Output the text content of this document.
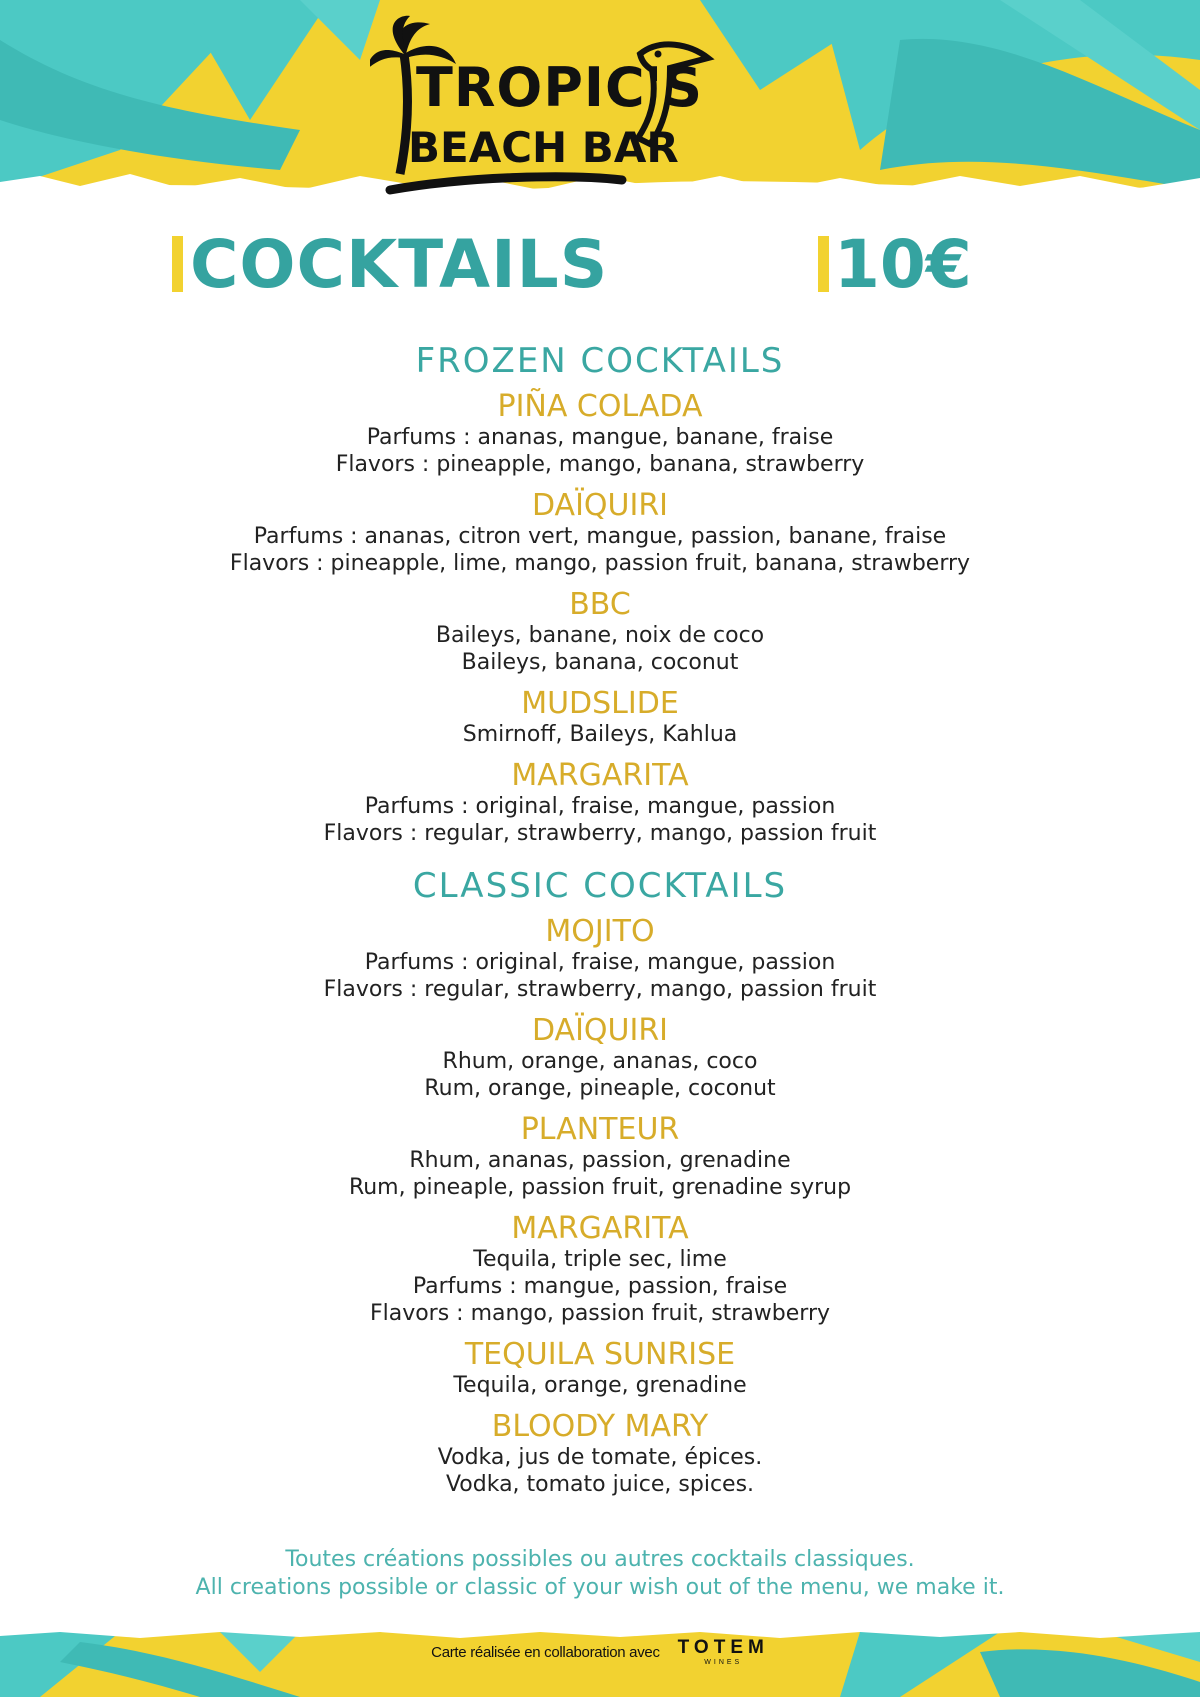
TROPIC'S
BEACH BAR
COCKTAILS	10€
FROZEN COCKTAILS
PIÑA COLADA
Parfums : ananas, mangue, banane, fraise
Flavors : pineapple, mango, banana, strawberry
DAÏQUIRI
Parfums : ananas, citron vert, mangue, passion, banane, fraise
Flavors : pineapple, lime, mango, passion fruit, banana, strawberry
BBC
Baileys, banane, noix de coco
Baileys, banana, coconut
MUDSLIDE
Smirnoff, Baileys, Kahlua
MARGARITA
Parfums : original, fraise, mangue, passion
Flavors : regular, strawberry, mango, passion fruit
CLASSIC COCKTAILS
MOJITO
Parfums : original, fraise, mangue, passion
Flavors : regular, strawberry, mango, passion fruit
DAÏQUIRI
Rhum, orange, ananas, coco
Rum, orange, pineaple, coconut
PLANTEUR
Rhum, ananas, passion, grenadine
Rum, pineaple, passion fruit, grenadine syrup
MARGARITA
Tequila, triple sec, lime
Parfums : mangue, passion, fraise
Flavors : mango, passion fruit, strawberry
TEQUILA SUNRISE
Tequila, orange, grenadine
BLOODY MARY
Vodka, jus de tomate, épices.
Vodka, tomato juice, spices.
Toutes créations possibles ou autres cocktails classiques.
All creations possible or classic of your wish out of the menu, we make it.
Carte réalisée en collaboration avec TOTEM
WINES
